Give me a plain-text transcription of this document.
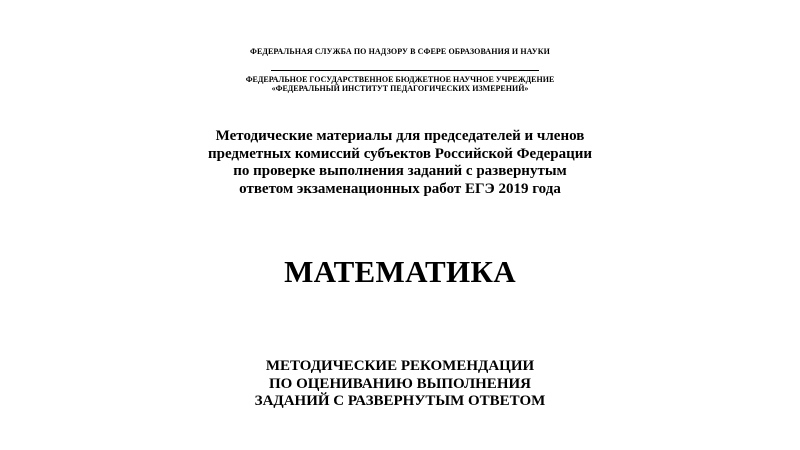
ФЕДЕРАЛЬНАЯ СЛУЖБА ПО НАДЗОРУ В СФЕРЕ ОБРАЗОВАНИЯ И НАУКИ
ФЕДЕРАЛЬНОЕ ГОСУДАРСТВЕННОЕ БЮДЖЕТНОЕ НАУЧНОЕ УЧРЕЖДЕНИЕ
«ФЕДЕРАЛЬНЫЙ ИНСТИТУТ ПЕДАГОГИЧЕСКИХ ИЗМЕРЕНИЙ»
Методические материалы для председателей и членов
предметных комиссий субъектов Российской Федерации
по проверке выполнения заданий с развернутым
ответом экзаменационных работ ЕГЭ 2019 года
МАТЕМАТИКА
МЕТОДИЧЕСКИЕ РЕКОМЕНДАЦИИ
ПО ОЦЕНИВАНИЮ ВЫПОЛНЕНИЯ
ЗАДАНИЙ С РАЗВЕРНУТЫМ ОТВЕТОМ
